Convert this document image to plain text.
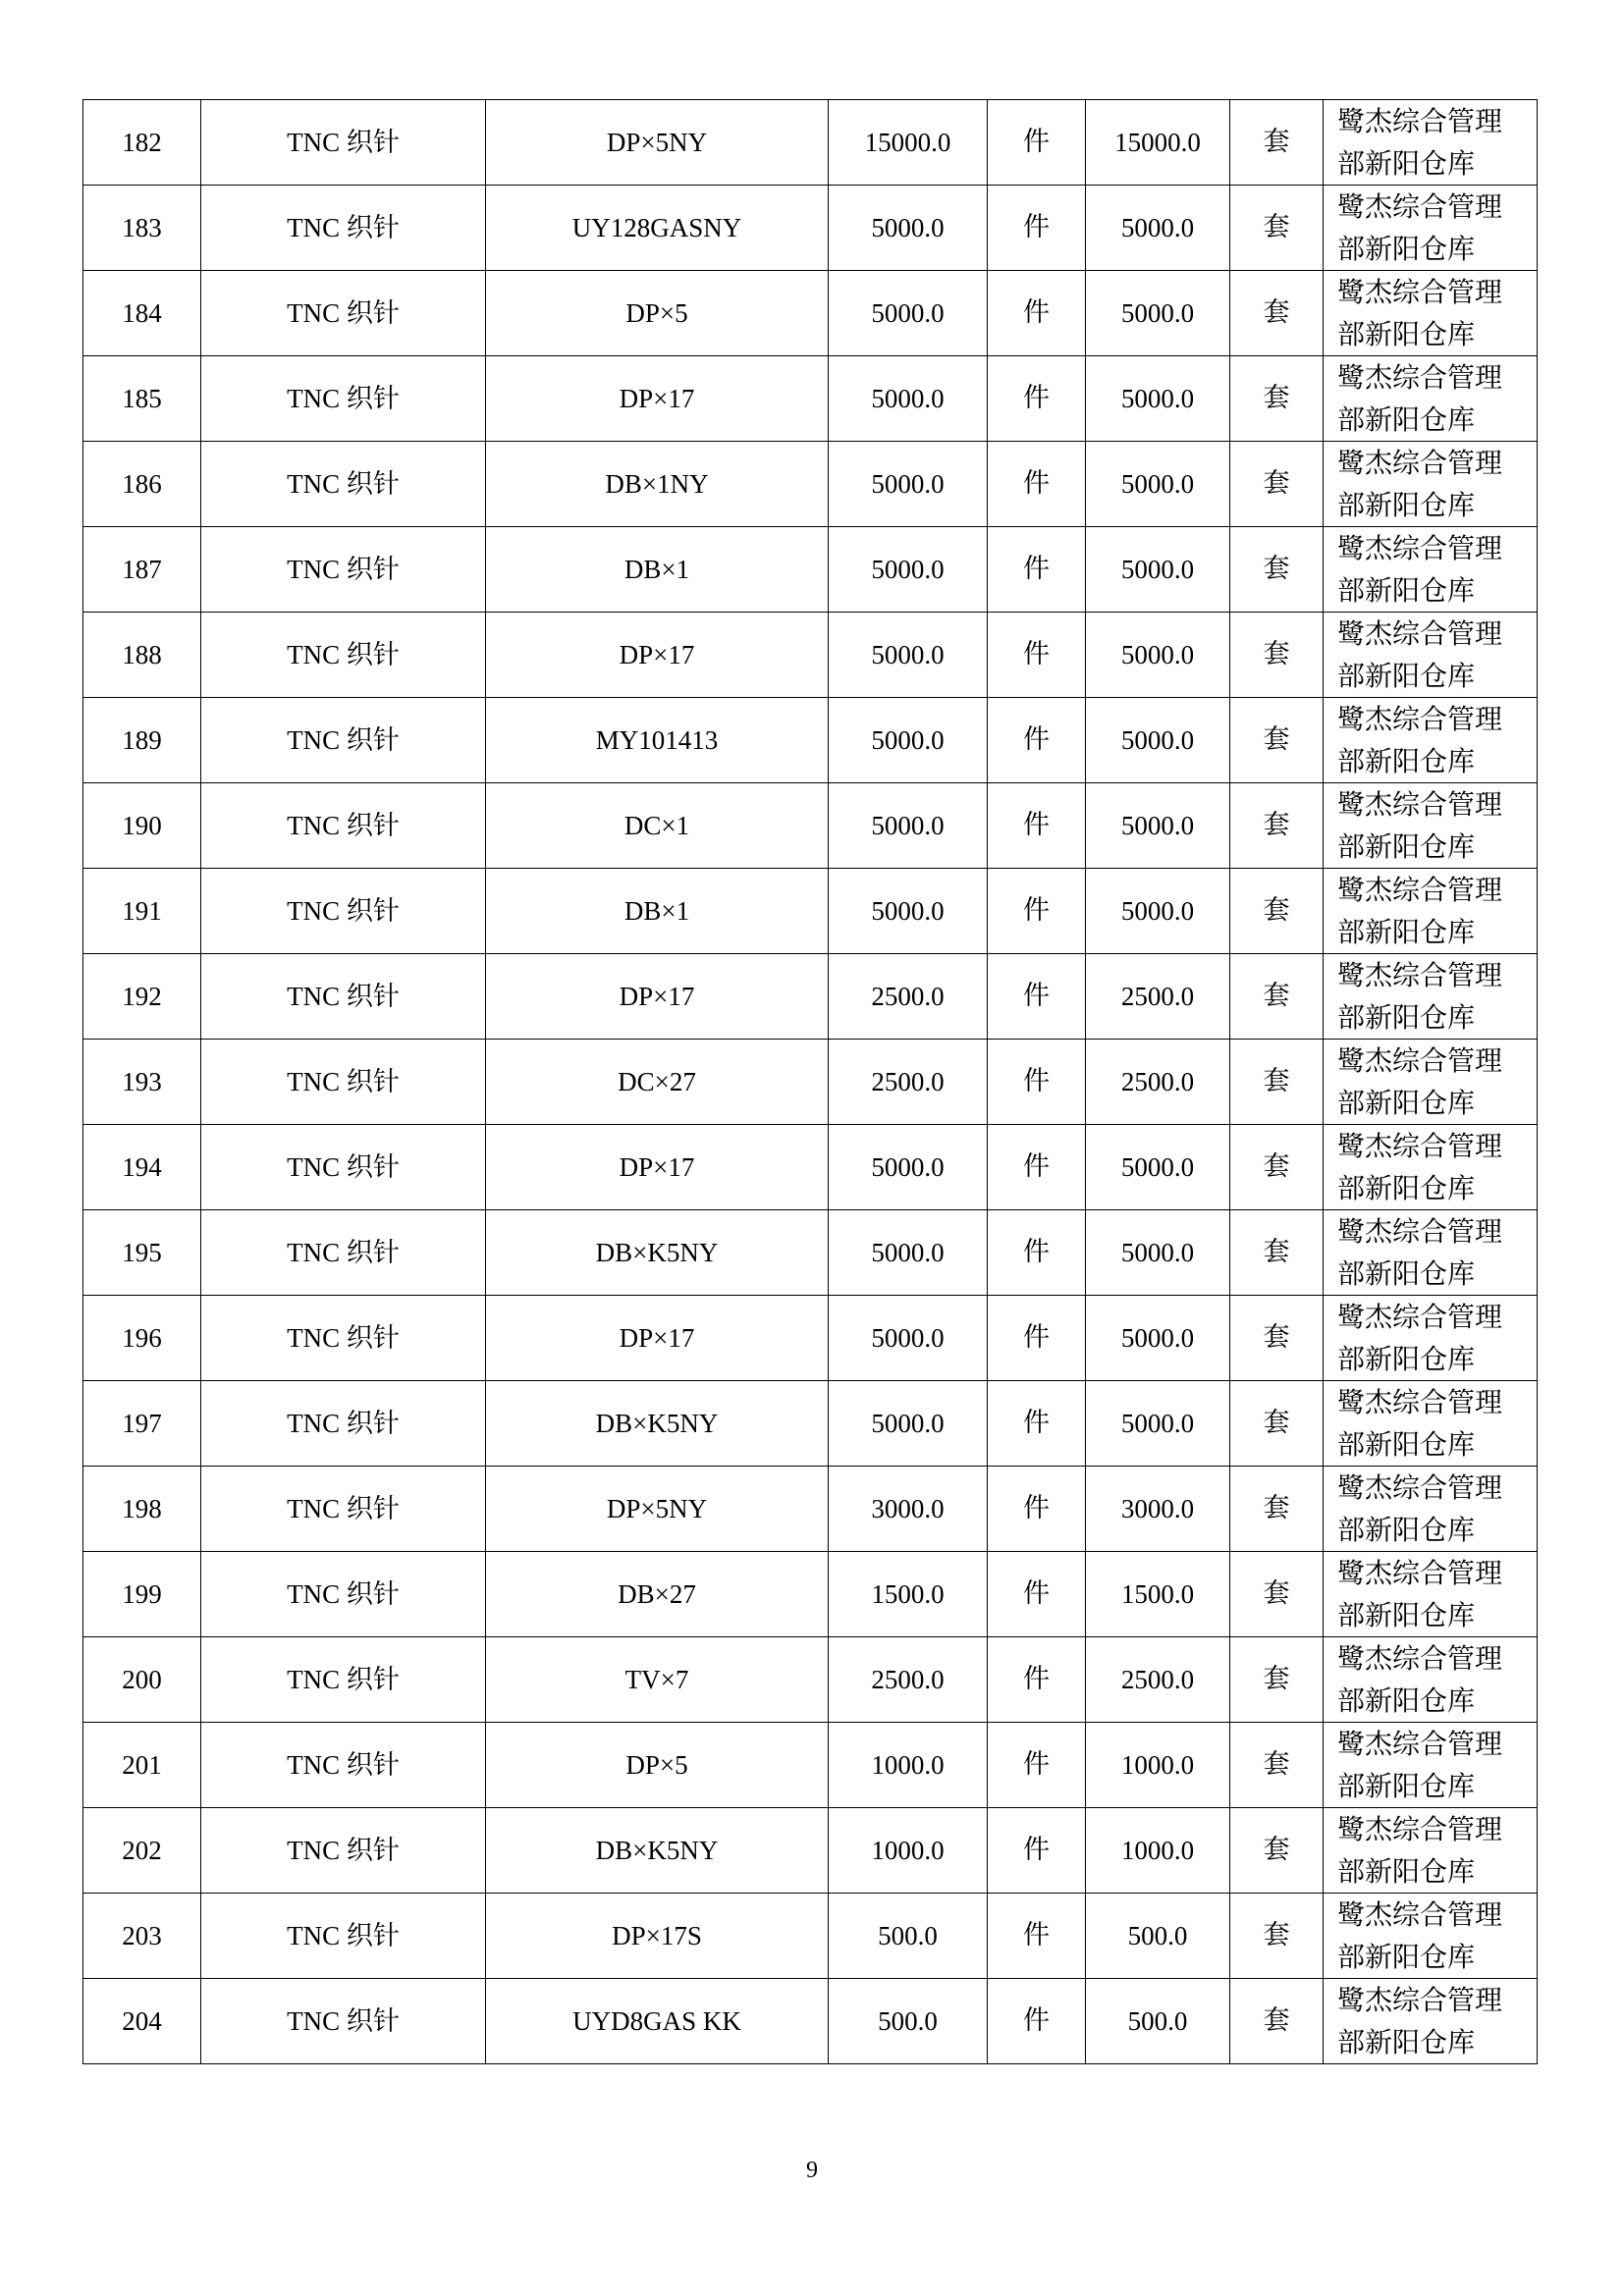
182	TNC 织针	DP×5NY	15000.0	件	15000.0	套	鹭杰综合管理
部新阳仓库

183	TNC 织针	UY128GASNY	5000.0	件	5000.0	套	鹭杰综合管理
部新阳仓库

184	TNC 织针	DP×5	5000.0	件	5000.0	套	鹭杰综合管理
部新阳仓库

185	TNC 织针	DP×17	5000.0	件	5000.0	套	鹭杰综合管理
部新阳仓库

186	TNC 织针	DB×1NY	5000.0	件	5000.0	套	鹭杰综合管理
部新阳仓库

187	TNC 织针	DB×1	5000.0	件	5000.0	套	鹭杰综合管理
部新阳仓库

188	TNC 织针	DP×17	5000.0	件	5000.0	套	鹭杰综合管理
部新阳仓库

189	TNC 织针	MY101413	5000.0	件	5000.0	套	鹭杰综合管理
部新阳仓库

190	TNC 织针	DC×1	5000.0	件	5000.0	套	鹭杰综合管理
部新阳仓库

191	TNC 织针	DB×1	5000.0	件	5000.0	套	鹭杰综合管理
部新阳仓库

192	TNC 织针	DP×17	2500.0	件	2500.0	套	鹭杰综合管理
部新阳仓库

193	TNC 织针	DC×27	2500.0	件	2500.0	套	鹭杰综合管理
部新阳仓库

194	TNC 织针	DP×17	5000.0	件	5000.0	套	鹭杰综合管理
部新阳仓库

195	TNC 织针	DB×K5NY	5000.0	件	5000.0	套	鹭杰综合管理
部新阳仓库

196	TNC 织针	DP×17	5000.0	件	5000.0	套	鹭杰综合管理
部新阳仓库

197	TNC 织针	DB×K5NY	5000.0	件	5000.0	套	鹭杰综合管理
部新阳仓库

198	TNC 织针	DP×5NY	3000.0	件	3000.0	套	鹭杰综合管理
部新阳仓库

199	TNC 织针	DB×27	1500.0	件	1500.0	套	鹭杰综合管理
部新阳仓库

200	TNC 织针	TV×7	2500.0	件	2500.0	套	鹭杰综合管理
部新阳仓库

201	TNC 织针	DP×5	1000.0	件	1000.0	套	鹭杰综合管理
部新阳仓库

202	TNC 织针	DB×K5NY	1000.0	件	1000.0	套	鹭杰综合管理
部新阳仓库

203	TNC 织针	DP×17S	500.0	件	500.0	套	鹭杰综合管理
部新阳仓库

204	TNC 织针	UYD8GAS KK	500.0	件	500.0	套	鹭杰综合管理
部新阳仓库
9
